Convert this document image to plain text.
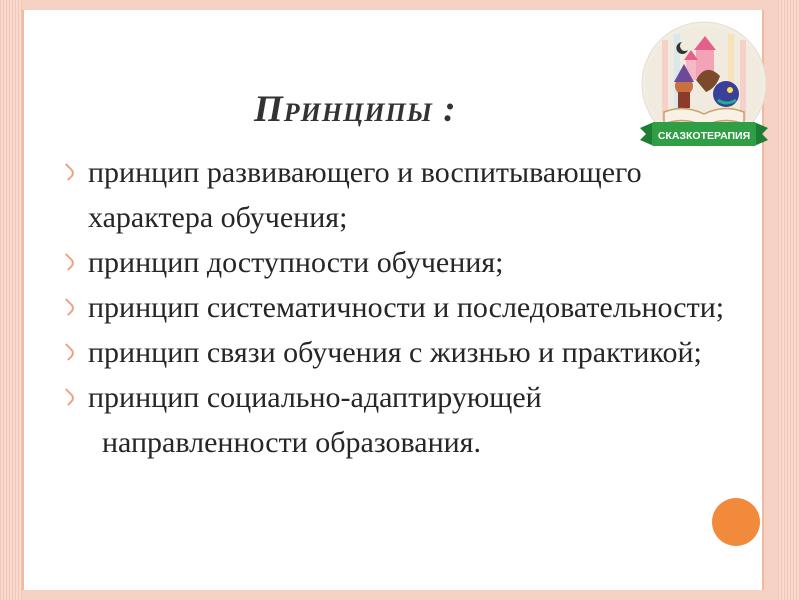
Принципы :
принцип развивающего и воспитывающего характера обучения;
принцип доступности обучения;
принцип систематичности и последовательности;
принцип связи обучения с жизнью и практикой;
принцип социально-адаптирующей
направленности образования.
СКАЗКОТЕРАПИЯ
